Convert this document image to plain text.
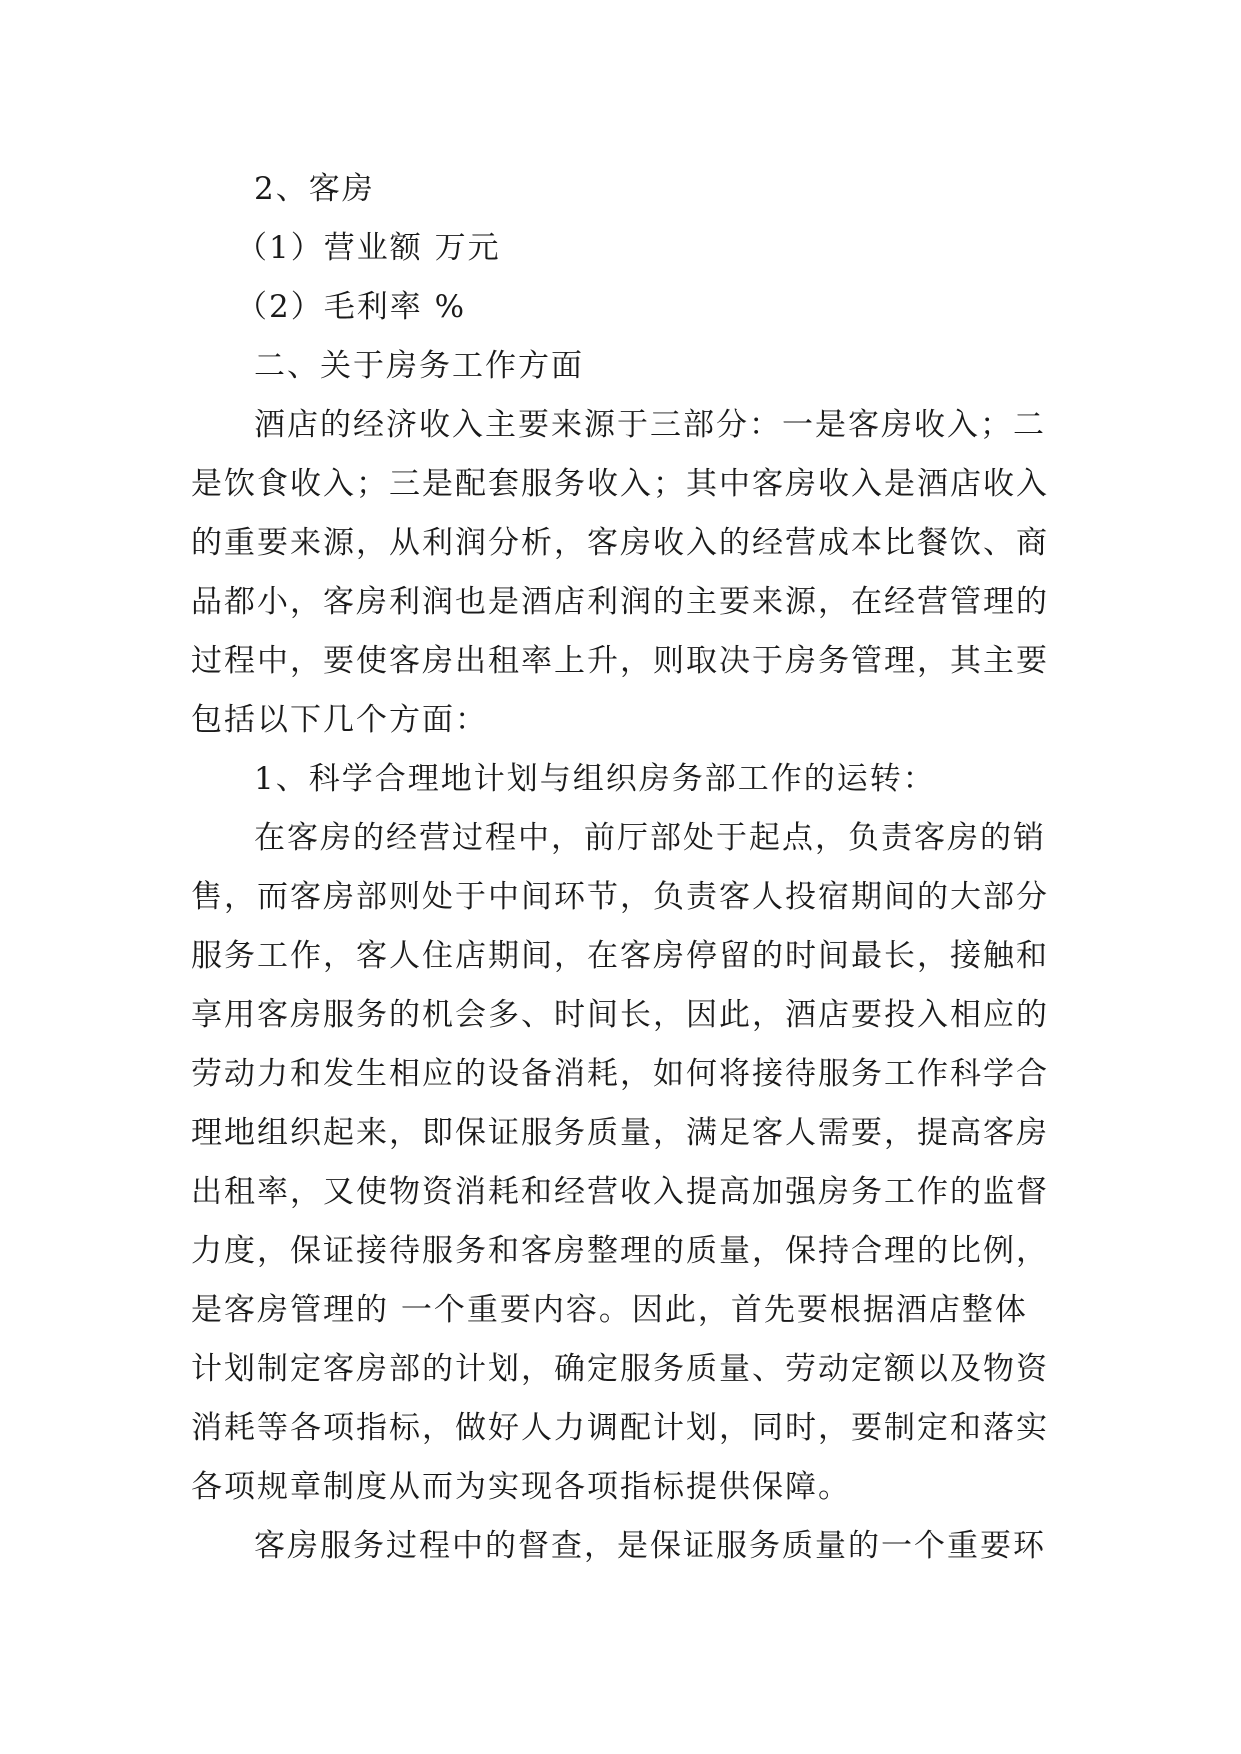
2、客房
（1）营业额 万元
（2）毛利率 %
二、关于房务工作方面
酒店的经济收入主要来源于三部分：一是客房收入；二
是饮食收入；三是配套服务收入；其中客房收入是酒店收入
的重要来源，从利润分析，客房收入的经营成本比餐饮、商
品都小，客房利润也是酒店利润的主要来源，在经营管理的
过程中，要使客房出租率上升，则取决于房务管理，其主要
包括以下几个方面：
1、科学合理地计划与组织房务部工作的运转：
在客房的经营过程中，前厅部处于起点，负责客房的销
售，而客房部则处于中间环节，负责客人投宿期间的大部分
服务工作，客人住店期间，在客房停留的时间最长，接触和
享用客房服务的机会多、时间长，因此，酒店要投入相应的
劳动力和发生相应的设备消耗，如何将接待服务工作科学合
理地组织起来，即保证服务质量，满足客人需要，提高客房
出租率，又使物资消耗和经营收入提高加强房务工作的监督
力度，保证接待服务和客房整理的质量，保持合理的比例，
是客房管理的 一个重要内容。因此，首先要根据酒店整体
计划制定客房部的计划，确定服务质量、劳动定额以及物资
消耗等各项指标，做好人力调配计划，同时，要制定和落实
各项规章制度从而为实现各项指标提供保障。
客房服务过程中的督查，是保证服务质量的一个重要环
